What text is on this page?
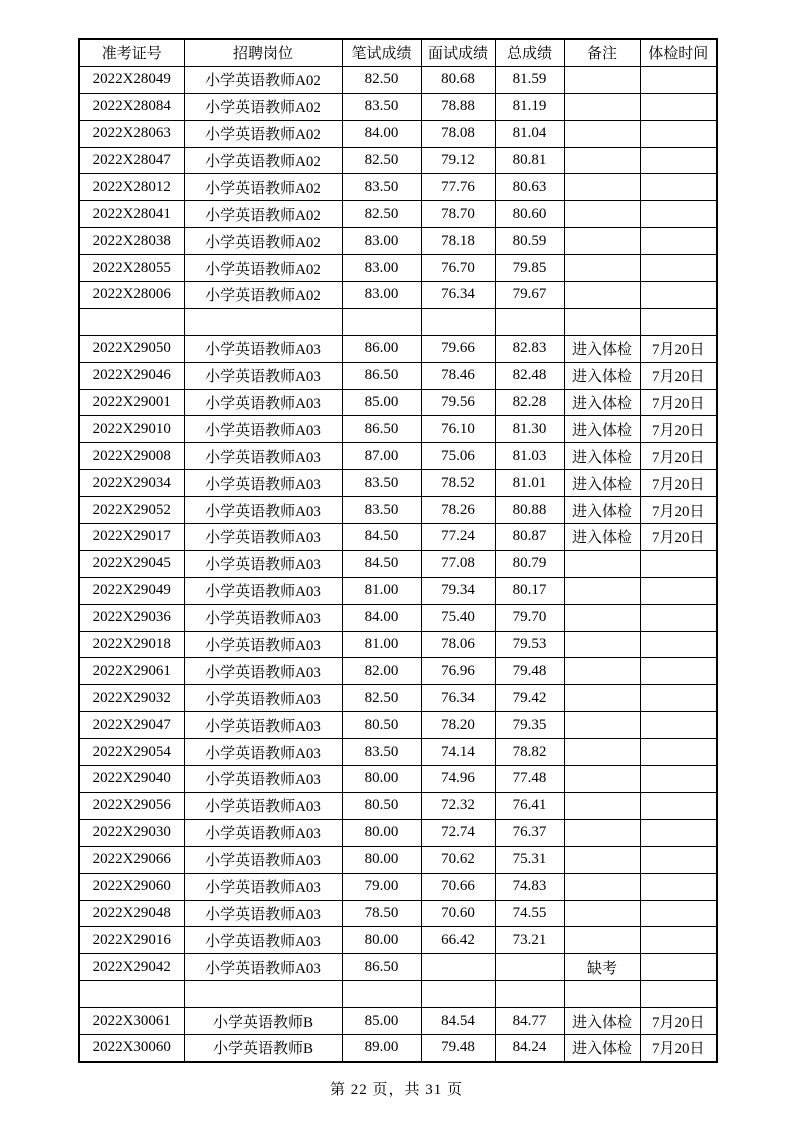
准考证号	招聘岗位	笔试成绩	面试成绩	总成绩	备注	体检时间
2022X28049	小学英语教师A02	82.50	80.68	81.59		
2022X28084	小学英语教师A02	83.50	78.88	81.19		
2022X28063	小学英语教师A02	84.00	78.08	81.04		
2022X28047	小学英语教师A02	82.50	79.12	80.81		
2022X28012	小学英语教师A02	83.50	77.76	80.63		
2022X28041	小学英语教师A02	82.50	78.70	80.60		
2022X28038	小学英语教师A02	83.00	78.18	80.59		
2022X28055	小学英语教师A02	83.00	76.70	79.85		
2022X28006	小学英语教师A02	83.00	76.34	79.67		

2022X29050	小学英语教师A03	86.00	79.66	82.83	进入体检	7月20日
2022X29046	小学英语教师A03	86.50	78.46	82.48	进入体检	7月20日
2022X29001	小学英语教师A03	85.00	79.56	82.28	进入体检	7月20日
2022X29010	小学英语教师A03	86.50	76.10	81.30	进入体检	7月20日
2022X29008	小学英语教师A03	87.00	75.06	81.03	进入体检	7月20日
2022X29034	小学英语教师A03	83.50	78.52	81.01	进入体检	7月20日
2022X29052	小学英语教师A03	83.50	78.26	80.88	进入体检	7月20日
2022X29017	小学英语教师A03	84.50	77.24	80.87	进入体检	7月20日
2022X29045	小学英语教师A03	84.50	77.08	80.79		
2022X29049	小学英语教师A03	81.00	79.34	80.17		
2022X29036	小学英语教师A03	84.00	75.40	79.70		
2022X29018	小学英语教师A03	81.00	78.06	79.53		
2022X29061	小学英语教师A03	82.00	76.96	79.48		
2022X29032	小学英语教师A03	82.50	76.34	79.42		
2022X29047	小学英语教师A03	80.50	78.20	79.35		
2022X29054	小学英语教师A03	83.50	74.14	78.82		
2022X29040	小学英语教师A03	80.00	74.96	77.48		
2022X29056	小学英语教师A03	80.50	72.32	76.41		
2022X29030	小学英语教师A03	80.00	72.74	76.37		
2022X29066	小学英语教师A03	80.00	70.62	75.31		
2022X29060	小学英语教师A03	79.00	70.66	74.83		
2022X29048	小学英语教师A03	78.50	70.60	74.55		
2022X29016	小学英语教师A03	80.00	66.42	73.21		
2022X29042	小学英语教师A03	86.50			缺考	

2022X30061	小学英语教师B	85.00	84.54	84.77	进入体检	7月20日
2022X30060	小学英语教师B	89.00	79.48	84.24	进入体检	7月20日
第 22 页，共 31 页
